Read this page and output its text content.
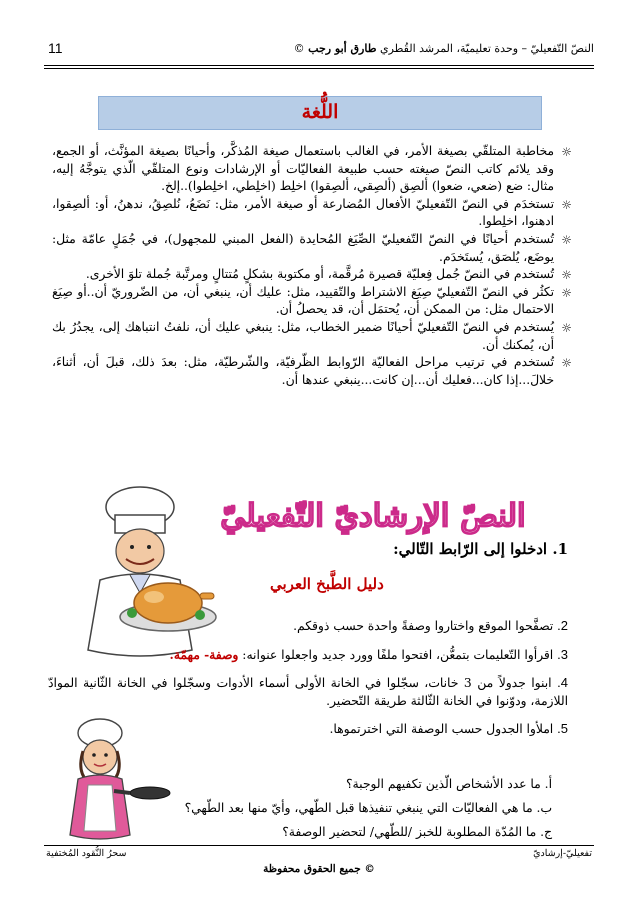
11	النصّ التّفعيليّ – وحدة تعليميّة، المرشد القُطري طارق أبو رجب ©
اللُّغة
☼
مخاطبة المتلقّي بصيغة الأمر، في الغالب باستعمال صيغة المُذكَّر، وأحيانًا بصيغة المؤنَّث، أو الجمع، وقد يلائم كاتب النصّ صيغته حسب طبيعة الفعاليّات أو الإرشادات ونوع المتلقّي الّذي يتوجَّهُ إليه، مثال: ضع (ضعي، ضعوا) ألصِق (ألصِقي، ألصِقوا) اخلِط (اخلِطي، اخلِطوا)..إلخ.
☼
تستخدَم في النصّ التّفعيليّ الأفعال المُضارعة أو صيغة الأمر، مثل: نَضَعُ، نُلصِقُ، ندهنُ، أو: ألصِقوا، ادهنوا، اخلِطوا.
☼
تُستخدم أحيانًا في النصّ التّفعيليّ الصِّيَغ المُحايدة (الفعل المبني للمجهول)، في جُمَلٍ عامّة مثل: يوضَع، يُلصَق، يُستَخدَم.
☼
تُستخدم في النصّ جُمل فِعليّة قصيرة مُرقَّمة، أو مكتوبة بشكلٍ مُتتالٍ ومرتَّبة جُملة تلوَ الأخرى.
☼
تكثُر في النصّ التّفعيليّ صِيَغ الاشتراط والتّقييد، مثل: عليك أن، ينبغي أن، من الضّروريّ أن..أو صِيَغ الاحتمال مثل: من الممكن أن، يُحتمَل أن، قد يحصلُ أن.
☼
يُستخدم في النصّ التّفعيليّ أحيانًا ضمير الخطاب، مثل: ينبغي عليك أن، نلفتُ انتباهك إلى، يجدُرُ بك أن، يُمكنك أن.
☼
تُستخدم في ترتيب مراحل الفعاليّة الرّوابط الظّرفيّة، والشّرطيّة، مثل: بعدَ ذلك، قبلَ أن، أثناءَ، خلالَ...إذا كان...فعليك أن...إن كانت...ينبغي عندها أن.
النصّ الإرشاديّ التّفعيليّ
1. ادخلوا إلى الرّابط التّالي:
دليل الطَّبخ العربي
2. تصفَّحوا الموقع واختاروا وصفةً واحدة حسب ذوقكم.
3. اقرأوا التّعليمات بتمعُّن، افتحوا ملفًا وورد جديد واجعلوا عنوانه: وصفة- مهمّة.
4. ابنوا جدولاً من 3 خانات، سجّلوا في الخانة الأولى أسماء الأدوات وسجّلوا في الخانة الثّانية الموادّ اللازمة، ودوّنوا في الخانة الثّالثة طريقة التّحضير.
5. املأوا الجدول حسب الوصفة التي اخترتموها.
أ. ما عدد الأشخاص الّذين تكفيهم الوجبة؟
ب. ما هي الفعاليّات التي ينبغي تنفيذها قبل الطّهي، وأيّ منها بعد الطّهي؟
ج. ما المُدّة المطلوبة للخبز /للطّهي/ لتحضير الوصفة؟
تفعيليّ-إرشاديّ
سحرُ النُّقود المُختفية
© جميع الحقوق محفوظة
